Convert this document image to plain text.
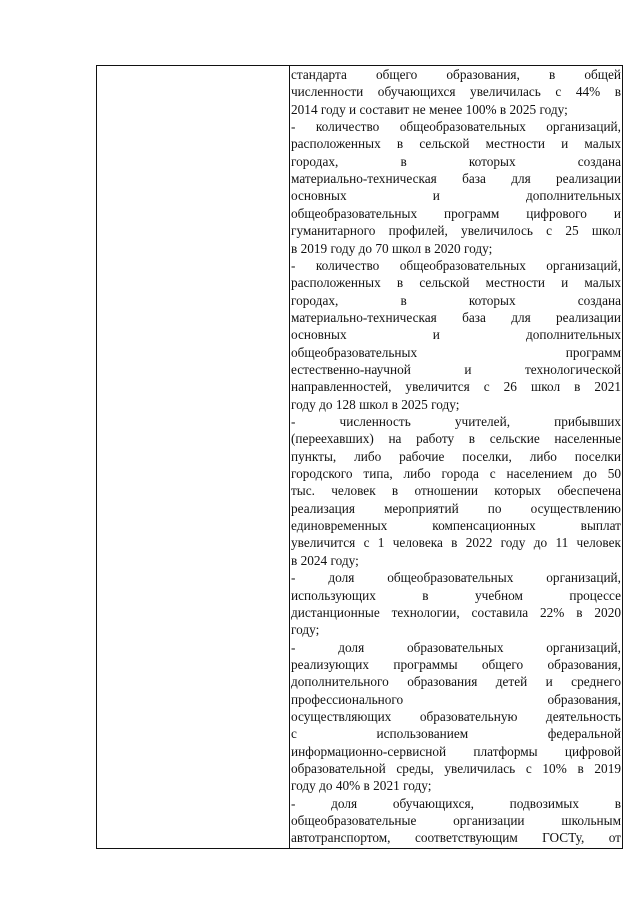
стандарта общего образования, в общей
численности обучающихся увеличилась с 44% в
2014 году и составит не менее 100% в 2025 году;
- количество общеобразовательных организаций,
расположенных в сельской местности и малых
городах, в которых создана
материально-техническая база для реализации
основных и дополнительных
общеобразовательных программ цифрового и
гуманитарного профилей, увеличилось с 25 школ
в 2019 году до 70 школ в 2020 году;
- количество общеобразовательных организаций,
расположенных в сельской местности и малых
городах, в которых создана
материально-техническая база для реализации
основных и дополнительных
общеобразовательных программ
естественно-научной и технологической
направленностей, увеличится с 26 школ в 2021
году до 128 школ в 2025 году;
- численность учителей, прибывших
(переехавших) на работу в сельские населенные
пункты, либо рабочие поселки, либо поселки
городского типа, либо города с населением до 50
тыс. человек в отношении которых обеспечена
реализация мероприятий по осуществлению
единовременных компенсационных выплат
увеличится с 1 человека в 2022 году до 11 человек
в 2024 году;
- доля общеобразовательных организаций,
использующих в учебном процессе
дистанционные технологии, составила 22% в 2020
году;
- доля образовательных организаций,
реализующих программы общего образования,
дополнительного образования детей и среднего
профессионального образования,
осуществляющих образовательную деятельность
с использованием федеральной
информационно-сервисной платформы цифровой
образовательной среды, увеличилась с 10% в 2019
году до 40% в 2021 году;
- доля обучающихся, подвозимых в
общеобразовательные организации школьным
автотранспортом, соответствующим ГОСТу, от
